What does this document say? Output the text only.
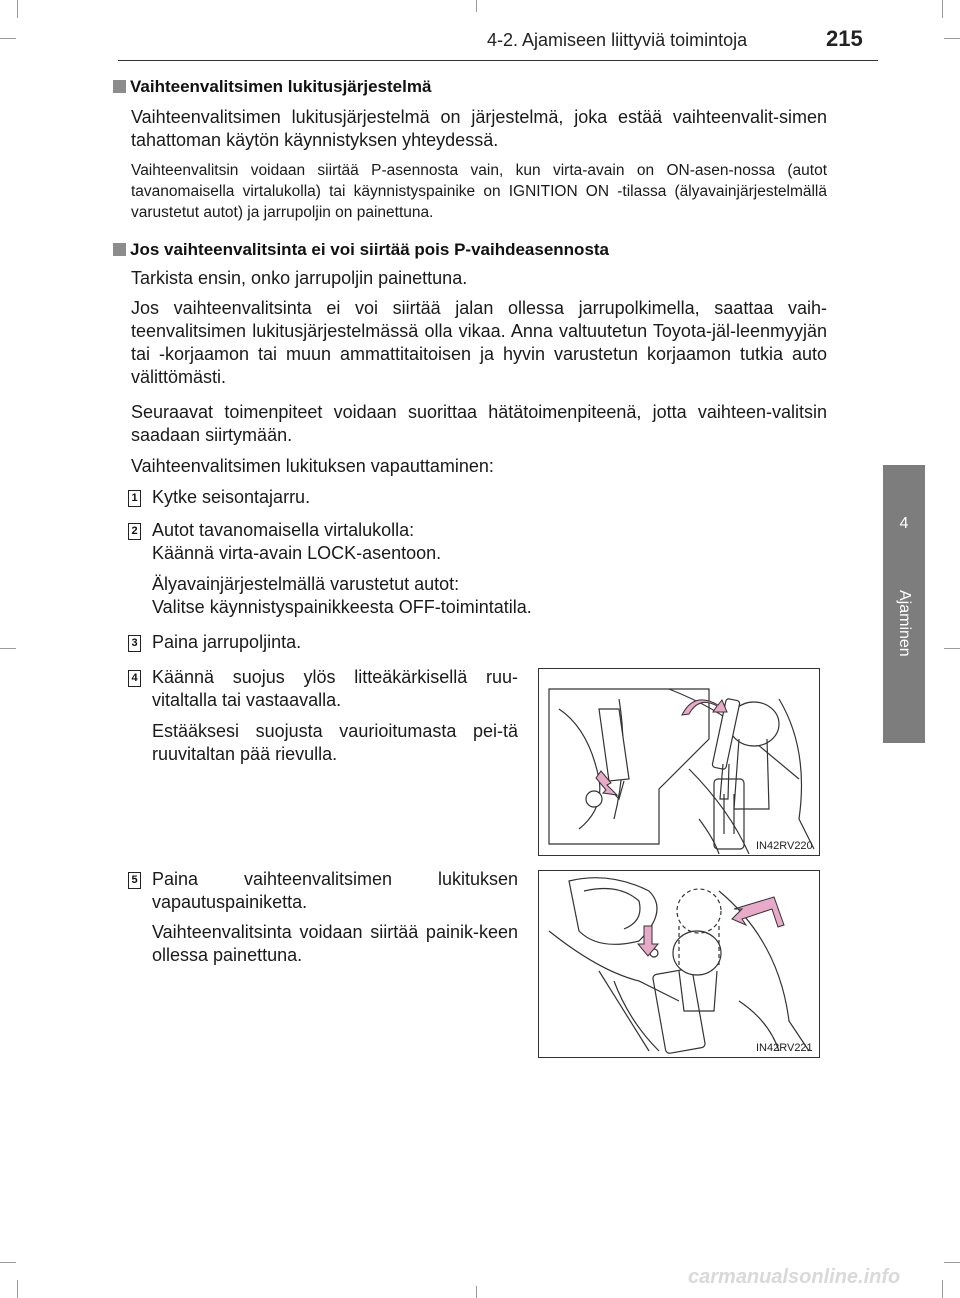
4-2. Ajamiseen liittyviä toimintoja	215
4
Ajaminen
Vaihteenvalitsimen lukitusjärjestelmä
Vaihteenvalitsimen lukitusjärjestelmä on järjestelmä, joka estää vaihteenvalit-simen tahattoman käytön käynnistyksen yhteydessä.
Vaihteenvalitsin voidaan siirtää P-asennosta vain, kun virta-avain on ON-asen-nossa (autot tavanomaisella virtalukolla) tai käynnistyspainike on IGNITION ON -tilassa (älyavainjärjestelmällä varustetut autot) ja jarrupoljin on painettuna.
Jos vaihteenvalitsinta ei voi siirtää pois P-vaihdeasennosta
Tarkista ensin, onko jarrupoljin painettuna.
Jos vaihteenvalitsinta ei voi siirtää jalan ollessa jarrupolkimella, saattaa vaih-teenvalitsimen lukitusjärjestelmässä olla vikaa. Anna valtuutetun Toyota-jäl-leenmyyjän tai -korjaamon tai muun ammattitaitoisen ja hyvin varustetun korjaamon tutkia auto välittömästi.
Seuraavat toimenpiteet voidaan suorittaa hätätoimenpiteenä, jotta vaihteen-valitsin saadaan siirtymään.
Vaihteenvalitsimen lukituksen vapauttaminen:
1 Kytke seisontajarru.
2 Autot tavanomaisella virtalukolla:
Käännä virta-avain LOCK-asentoon.
Älyavainjärjestelmällä varustetut autot:
Valitse käynnistyspainikkeesta OFF-toimintatila.
3 Paina jarrupoljinta.
4 Käännä suojus ylös litteäkärkisellä ruu-vitaltalla tai vastaavalla.
Estääksesi suojusta vaurioitumasta pei-tä ruuvitaltan pää rievulla.
5 Paina vaihteenvalitsimen lukituksen vapautuspainiketta.
Vaihteenvalitsinta voidaan siirtää painik-keen ollessa painettuna.
IN42RV220
IN42RV221
carmanualsonline.info
